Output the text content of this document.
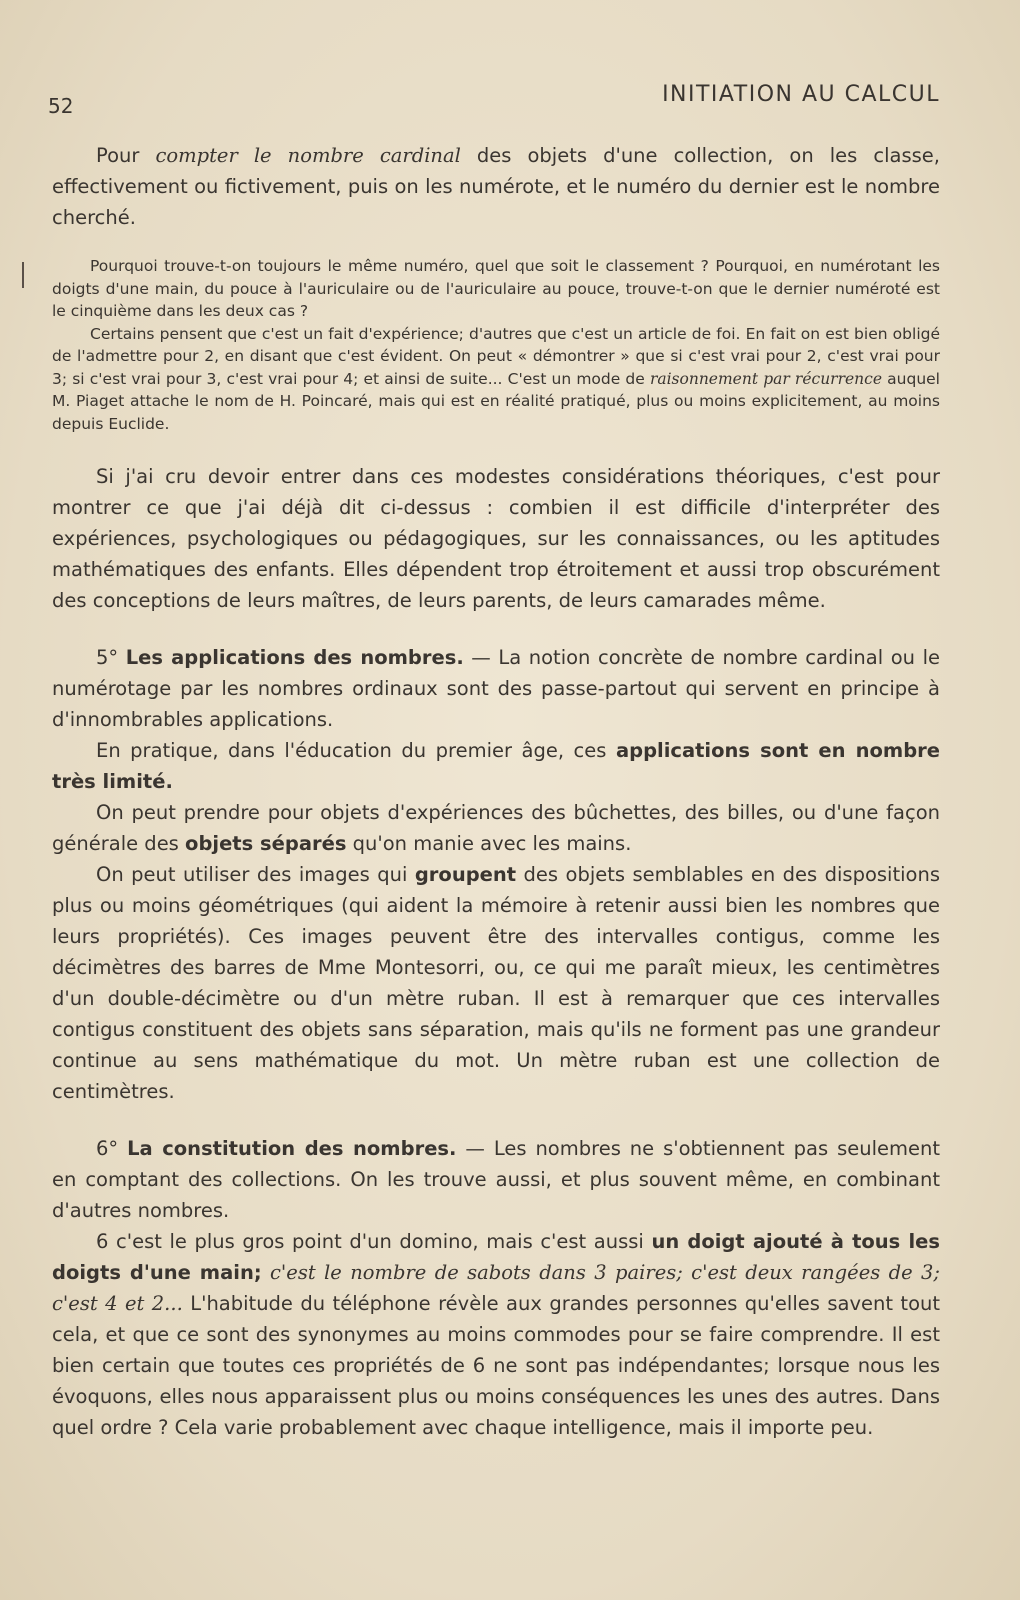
52	INITIATION AU CALCUL

Pour compter le nombre cardinal des objets d'une collection, on les classe, effectivement ou fictivement, puis on les numérote, et le numéro du dernier est le nombre cherché.

Pourquoi trouve-t-on toujours le même numéro, quel que soit le classement ? Pourquoi, en numérotant les doigts d'une main, du pouce à l'auriculaire ou de l'auriculaire au pouce, trouve-t-on que le dernier numéroté est le cinquième dans les deux cas ?

Certains pensent que c'est un fait d'expérience; d'autres que c'est un article de foi. En fait on est bien obligé de l'admettre pour 2, en disant que c'est évident. On peut « démontrer » que si c'est vrai pour 2, c'est vrai pour 3; si c'est vrai pour 3, c'est vrai pour 4; et ainsi de suite... C'est un mode de raisonnement par récurrence auquel M. Piaget attache le nom de H. Poincaré, mais qui est en réalité pratiqué, plus ou moins explicitement, au moins depuis Euclide.

Si j'ai cru devoir entrer dans ces modestes considérations théoriques, c'est pour montrer ce que j'ai déjà dit ci-dessus : combien il est difficile d'interpréter des expériences, psychologiques ou pédagogiques, sur les connaissances, ou les aptitudes mathématiques des enfants. Elles dépendent trop étroitement et aussi trop obscurément des conceptions de leurs maîtres, de leurs parents, de leurs camarades même.

5° Les applications des nombres. — La notion concrète de nombre cardinal ou le numérotage par les nombres ordinaux sont des passe-partout qui servent en principe à d'innombrables applications.

En pratique, dans l'éducation du premier âge, ces applications sont en nombre très limité.

On peut prendre pour objets d'expériences des bûchettes, des billes, ou d'une façon générale des objets séparés qu'on manie avec les mains.

On peut utiliser des images qui groupent des objets semblables en des dispositions plus ou moins géométriques (qui aident la mémoire à retenir aussi bien les nombres que leurs propriétés). Ces images peuvent être des intervalles contigus, comme les décimètres des barres de Mme Montesorri, ou, ce qui me paraît mieux, les centimètres d'un double-décimètre ou d'un mètre ruban. Il est à remarquer que ces intervalles contigus constituent des objets sans séparation, mais qu'ils ne forment pas une grandeur continue au sens mathématique du mot. Un mètre ruban est une collection de centimètres.

6° La constitution des nombres. — Les nombres ne s'obtiennent pas seulement en comptant des collections. On les trouve aussi, et plus souvent même, en combinant d'autres nombres.

6 c'est le plus gros point d'un domino, mais c'est aussi un doigt ajouté à tous les doigts d'une main; c'est le nombre de sabots dans 3 paires; c'est deux rangées de 3; c'est 4 et 2... L'habitude du téléphone révèle aux grandes personnes qu'elles savent tout cela, et que ce sont des synonymes au moins commodes pour se faire comprendre. Il est bien certain que toutes ces propriétés de 6 ne sont pas indépendantes; lorsque nous les évoquons, elles nous apparaissent plus ou moins conséquences les unes des autres. Dans quel ordre ? Cela varie probablement avec chaque intelligence, mais il importe peu.
